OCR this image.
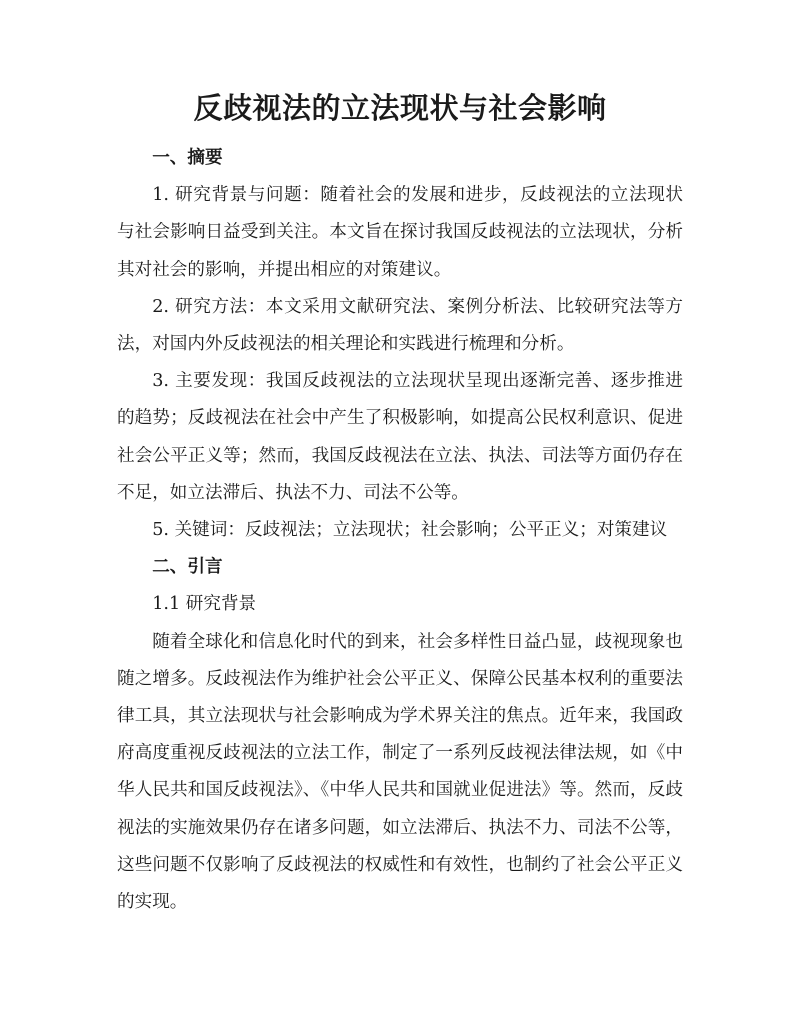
反歧视法的立法现状与社会影响

一、摘要

1. 研究背景与问题：随着社会的发展和进步，反歧视法的立法现状与社会影响日益受到关注。本文旨在探讨我国反歧视法的立法现状，分析其对社会的影响，并提出相应的对策建议。

2. 研究方法：本文采用文献研究法、案例分析法、比较研究法等方法，对国内外反歧视法的相关理论和实践进行梳理和分析。

3. 主要发现：我国反歧视法的立法现状呈现出逐渐完善、逐步推进的趋势；反歧视法在社会中产生了积极影响，如提高公民权利意识、促进社会公平正义等；然而，我国反歧视法在立法、执法、司法等方面仍存在不足，如立法滞后、执法不力、司法不公等。

5. 关键词：反歧视法；立法现状；社会影响；公平正义；对策建议

二、引言

1.1 研究背景

随着全球化和信息化时代的到来，社会多样性日益凸显，歧视现象也随之增多。反歧视法作为维护社会公平正义、保障公民基本权利的重要法律工具，其立法现状与社会影响成为学术界关注的焦点。近年来，我国政府高度重视反歧视法的立法工作，制定了一系列反歧视法律法规，如《中华人民共和国反歧视法》、《中华人民共和国就业促进法》等。然而，反歧视法的实施效果仍存在诸多问题，如立法滞后、执法不力、司法不公等，这些问题不仅影响了反歧视法的权威性和有效性，也制约了社会公平正义的实现。
